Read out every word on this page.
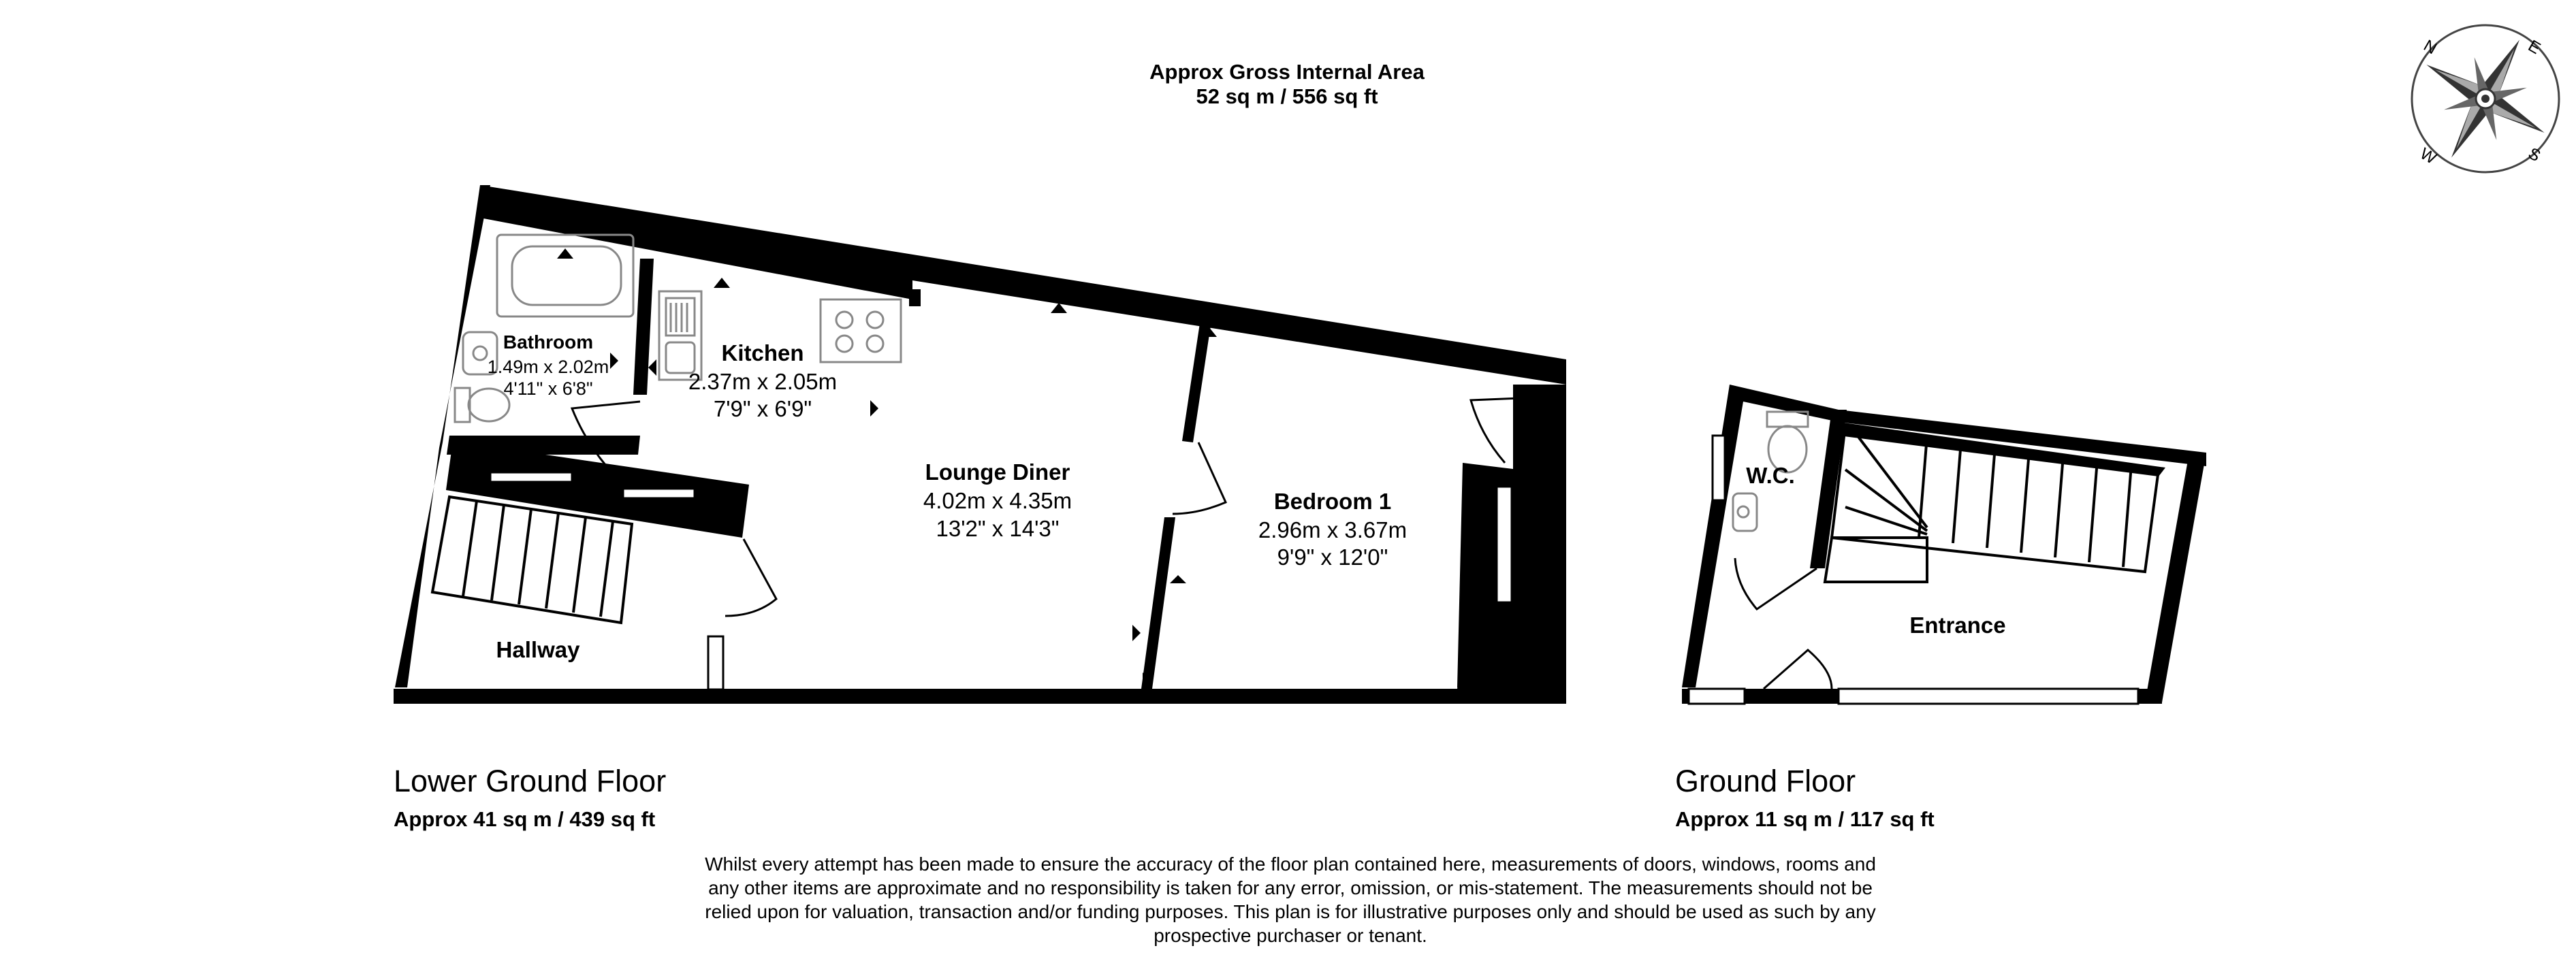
Approx Gross Internal Area

52 sq m / 556 sq ft

N	E
S
W
Bathroom
1.49m x 2.02m
4'11" x 6'8"
Kitchen
2.37m x 2.05m
7'9" x 6'9"
Lounge Diner
4.02m x 4.35m
13'2" x 14'3"
Bedroom 1
2.96m x 3.67m
9'9" x 12'0"
Hallway
W.C.
Entrance

Lower Ground Floor

Approx 41 sq m / 439 sq ft

Ground Floor

Approx 11 sq m / 117 sq ft

Whilst every attempt has been made to ensure the accuracy of the floor plan contained here, measurements of doors, windows, rooms and
any other items are approximate and no responsibility is taken for any error, omission, or mis-statement. The measurements should not be
relied upon for valuation, transaction and/or funding purposes. This plan is for illustrative purposes only and should be used as such by any
prospective purchaser or tenant.
